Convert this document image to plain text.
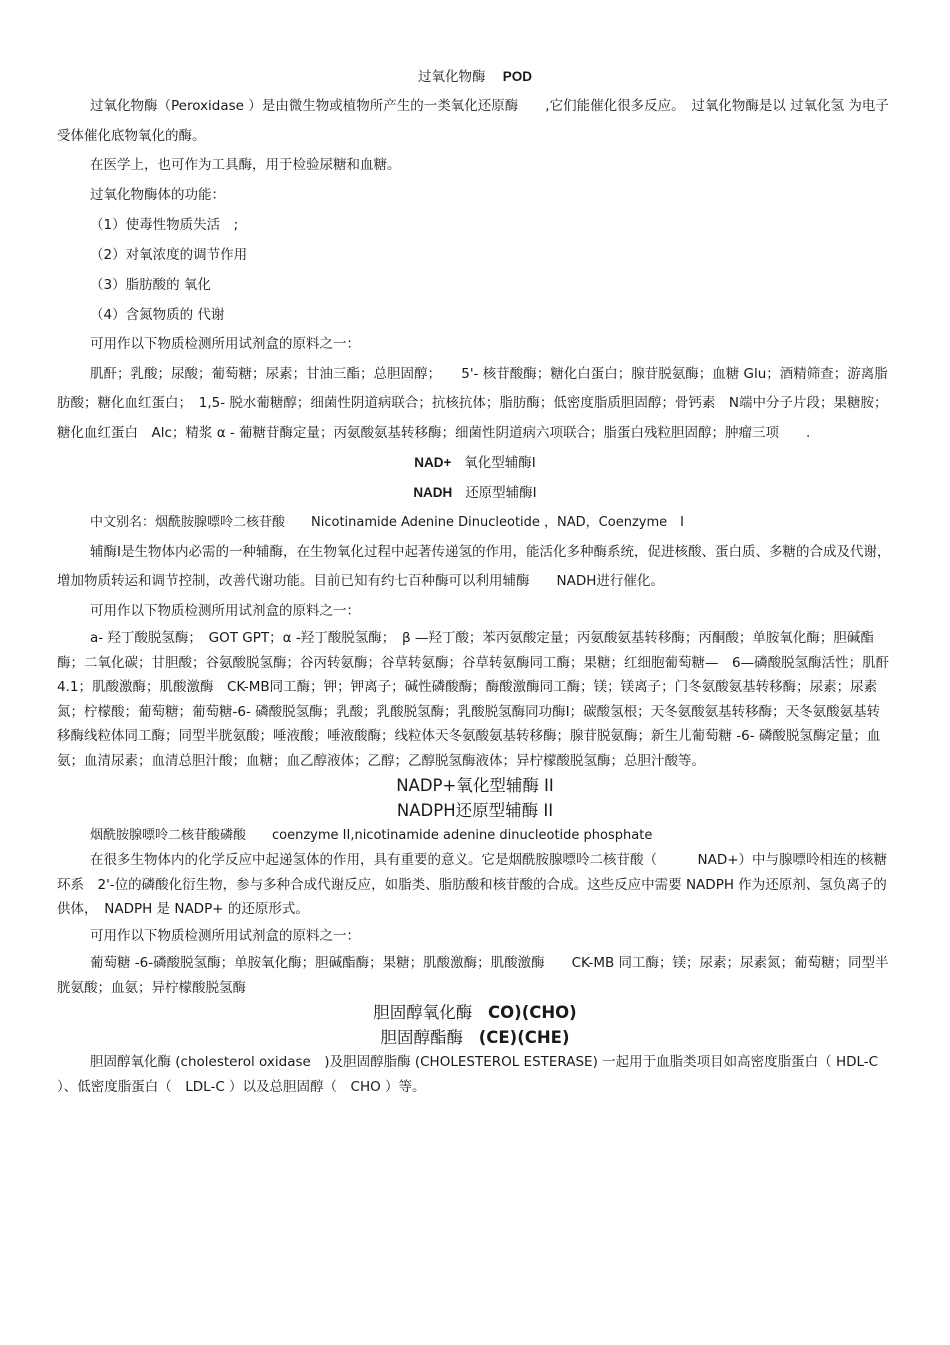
过氧化物酶 POD

过氧化物酶（Peroxidase ）是由微生物或植物所产生的一类氧化还原酶　　,它们能催化很多反应。　过氧化物酶是以 过氧化氢 为电子受体催化底物氧化的酶。

在医学上，也可作为工具酶，用于检验尿糖和血糖。

过氧化物酶体的功能：

（1）使毒性物质失活　;
（2）对氧浓度的调节作用
（3）脂肪酸的 氧化
（4）含氮物质的 代谢

可用作以下物质检测所用试剂盒的原料之一：

肌酐；乳酸；尿酸；葡萄糖；尿素；甘油三酯；总胆固醇；　　5'- 核苷酸酶；糖化白蛋白；腺苷脱氨酶；血糖 Glu；酒精筛查；游离脂肪酸；糖化血红蛋白；　1,5- 脱水葡糖醇；细菌性阴道病联合；抗核抗体；脂肪酶；低密度脂质胆固醇；骨钙素　N端中分子片段；果糖胺；糖化血红蛋白　Alc；精浆 α - 葡糖苷酶定量；丙氨酸氨基转移酶；细菌性阴道病六项联合；脂蛋白残粒胆固醇；肿瘤三项　　.

NAD+ 氧化型辅酶Ⅰ
NADH 还原型辅酶Ⅰ

中文别名：烟酰胺腺嘌呤二核苷酸　　Nicotinamide Adenine Dinucleotide ，NAD，Coenzyme　Ⅰ

辅酶Ⅰ是生物体内必需的一种辅酶，在生物氧化过程中起著传递氢的作用，能活化多种酶系统，促进核酸、蛋白质、多糖的合成及代谢，增加物质转运和调节控制，改善代谢功能。目前已知有约七百种酶可以利用辅酶　　NADH进行催化。

可用作以下物质检测所用试剂盒的原料之一：

a- 羟丁酸脱氢酶；　GOT GPT；α -羟丁酸脱氢酶；　β —羟丁酸；苯丙氨酸定量；丙氨酸氨基转移酶；丙酮酸；单胺氧化酶；胆碱酯酶；二氧化碳；甘胆酸；谷氨酸脱氢酶；谷丙转氨酶；谷草转氨酶；谷草转氨酶同工酶；果糖；红细胞葡萄糖—　6—磷酸脱氢酶活性；肌酐　4.1；肌酸激酶；肌酸激酶　CK-MB同工酶；钾；钾离子；碱性磷酸酶；酶酸激酶同工酶；镁；镁离子；门冬氨酸氨基转移酶；尿素；尿素氮；柠檬酸；葡萄糖；葡萄糖-6- 磷酸脱氢酶；乳酸；乳酸脱氢酶；乳酸脱氢酶同功酶Ⅰ；碳酸氢根；天冬氨酸氨基转移酶；天冬氨酸氨基转移酶线粒体同工酶；同型半胱氨酸；唾液酸；唾液酸酶；线粒体天冬氨酸氨基转移酶；腺苷脱氨酶；新生儿葡萄糖 -6- 磷酸脱氢酶定量；血氨；血清尿素；血清总胆汁酸；血糖；血乙醇液体；乙醇；乙醇脱氢酶液体；异柠檬酸脱氢酶；总胆汁酸等。

NADP+氧化型辅酶 II
NADPH还原型辅酶 II

烟酰胺腺嘌呤二核苷酸磷酸　　coenzyme II,nicotinamide adenine dinucleotide phosphate

在很多生物体内的化学反应中起递氢体的作用，具有重要的意义。它是烟酰胺腺嘌呤二核苷酸（　　　NAD+）中与腺嘌呤相连的核糖环系　2'-位的磷酸化衍生物，参与多种合成代谢反应，如脂类、脂肪酸和核苷酸的合成。这些反应中需要 NADPH 作为还原剂、氢负离子的供体，　NADPH 是 NADP+ 的还原形式。

可用作以下物质检测所用试剂盒的原料之一：

葡萄糖 -6-磷酸脱氢酶；单胺氧化酶；胆碱酯酶；果糖；肌酸激酶；肌酸激酶　　CK-MB 同工酶；镁；尿素；尿素氮；葡萄糖；同型半胱氨酸；血氨；异柠檬酸脱氢酶

胆固醇氧化酶 CO)(CHO)
胆固醇酯酶 (CE)(CHE)

胆固醇氧化酶 (cholesterol oxidase　)及胆固醇脂酶 (CHOLESTEROL ESTERASE) 一起用于血脂类项目如高密度脂蛋白（ HDL-C ）、低密度脂蛋白（　LDL-C ）以及总胆固醇（　CHO ）等。
